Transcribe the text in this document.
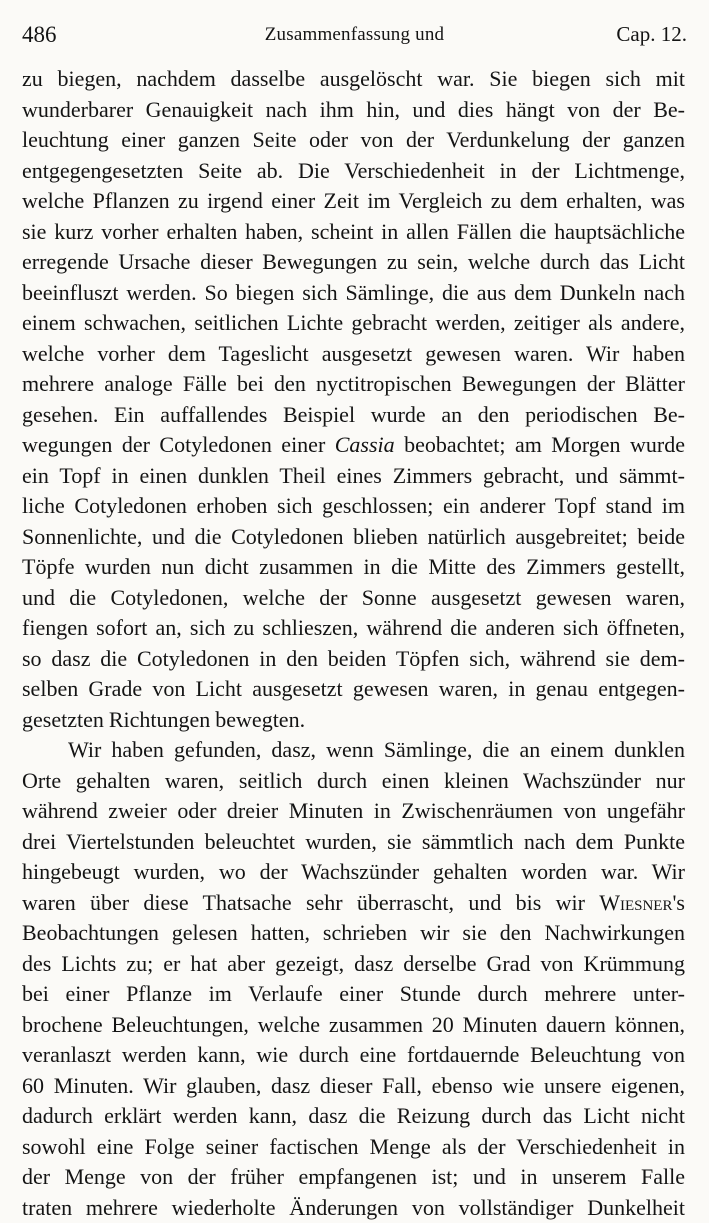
486	Zusammenfassung und	Cap. 12.
zu biegen, nachdem dasselbe ausgelöscht war. Sie biegen sich mit
wunderbarer Genauigkeit nach ihm hin, und dies hängt von der Be-
leuchtung einer ganzen Seite oder von der Verdunkelung der ganzen
entgegengesetzten Seite ab. Die Verschiedenheit in der Lichtmenge,
welche Pflanzen zu irgend einer Zeit im Vergleich zu dem erhalten, was
sie kurz vorher erhalten haben, scheint in allen Fällen die hauptsächliche
erregende Ursache dieser Bewegungen zu sein, welche durch das Licht
beeinfluszt werden. So biegen sich Sämlinge, die aus dem Dunkeln nach
einem schwachen, seitlichen Lichte gebracht werden, zeitiger als andere,
welche vorher dem Tageslicht ausgesetzt gewesen waren. Wir haben
mehrere analoge Fälle bei den nyctitropischen Bewegungen der Blätter
gesehen. Ein auffallendes Beispiel wurde an den periodischen Be-
wegungen der Cotyledonen einer Cassia beobachtet; am Morgen wurde
ein Topf in einen dunklen Theil eines Zimmers gebracht, und sämmt-
liche Cotyledonen erhoben sich geschlossen; ein anderer Topf stand im
Sonnenlichte, und die Cotyledonen blieben natürlich ausgebreitet; beide
Töpfe wurden nun dicht zusammen in die Mitte des Zimmers gestellt,
und die Cotyledonen, welche der Sonne ausgesetzt gewesen waren,
fiengen sofort an, sich zu schlieszen, während die anderen sich öffneten,
so dasz die Cotyledonen in den beiden Töpfen sich, während sie dem-
selben Grade von Licht ausgesetzt gewesen waren, in genau entgegen-
gesetzten Richtungen bewegten.
Wir haben gefunden, dasz, wenn Sämlinge, die an einem dunklen
Orte gehalten waren, seitlich durch einen kleinen Wachszünder nur
während zweier oder dreier Minuten in Zwischenräumen von ungefähr
drei Viertelstunden beleuchtet wurden, sie sämmtlich nach dem Punkte
hingebeugt wurden, wo der Wachszünder gehalten worden war. Wir
waren über diese Thatsache sehr überrascht, und bis wir Wiesner's
Beobachtungen gelesen hatten, schrieben wir sie den Nachwirkungen
des Lichts zu; er hat aber gezeigt, dasz derselbe Grad von Krümmung
bei einer Pflanze im Verlaufe einer Stunde durch mehrere unter-
brochene Beleuchtungen, welche zusammen 20 Minuten dauern können,
veranlaszt werden kann, wie durch eine fortdauernde Beleuchtung von
60 Minuten. Wir glauben, dasz dieser Fall, ebenso wie unsere eigenen,
dadurch erklärt werden kann, dasz die Reizung durch das Licht nicht
sowohl eine Folge seiner factischen Menge als der Verschiedenheit in
der Menge von der früher empfangenen ist; und in unserem Falle
traten mehrere wiederholte Änderungen von vollständiger Dunkelheit
